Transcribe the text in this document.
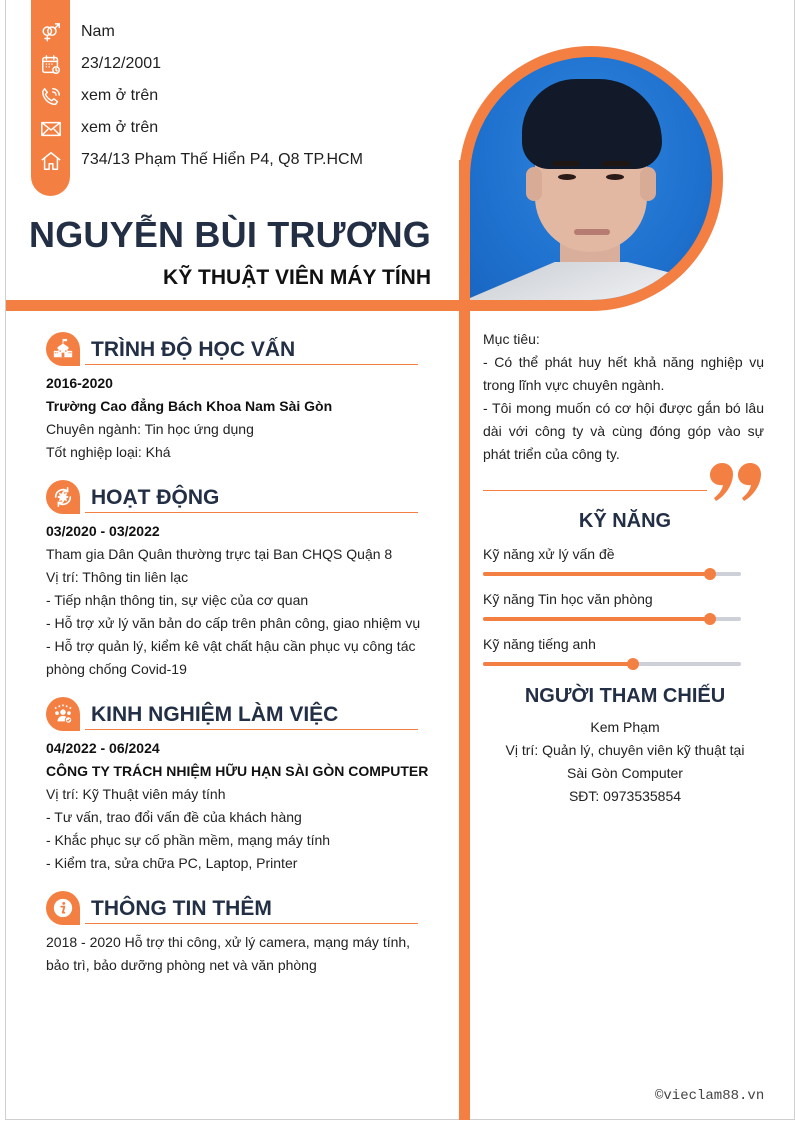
Nam
23/12/2001
xem ở trên
xem ở trên
734/13 Phạm Thế Hiển P4, Q8 TP.HCM
NGUYỄN BÙI TRƯƠNG
KỸ THUẬT VIÊN MÁY TÍNH
TRÌNH ĐỘ HỌC VẤN
2016-2020
Trường Cao đẳng Bách Khoa Nam Sài Gòn
Chuyên ngành: Tin học ứng dụng
Tốt nghiệp loại: Khá
HOẠT ĐỘNG
03/2020 - 03/2022
Tham gia Dân Quân thường trực tại Ban CHQS Quận 8
Vị trí: Thông tin liên lạc
- Tiếp nhận thông tin, sự việc của cơ quan
- Hỗ trợ xử lý văn bản do cấp trên phân công, giao nhiệm vụ
- Hỗ trợ quản lý, kiểm kê vật chất hậu cần phục vụ công tác
phòng chống Covid-19
KINH NGHIỆM LÀM VIỆC
04/2022 - 06/2024
CÔNG TY TRÁCH NHIỆM HỮU HẠN SÀI GÒN COMPUTER
Vị trí: Kỹ Thuật viên máy tính
- Tư vấn, trao đổi vấn đề của khách hàng
- Khắc phục sự cố phần mềm, mạng máy tính
- Kiểm tra, sửa chữa PC, Laptop, Printer
THÔNG TIN THÊM
2018 - 2020 Hỗ trợ thi công, xử lý camera, mạng máy tính,
bảo trì, bảo dưỡng phòng net và văn phòng

Mục tiêu:

- Có thể phát huy hết khả năng nghiệp vụ trong lĩnh vực chuyên ngành.

- Tôi mong muốn có cơ hội được gắn bó lâu dài với công ty và cùng đóng góp vào sự phát triển của công ty.

KỸ NĂNG
Kỹ năng xử lý vấn đề
Kỹ năng Tin học văn phòng
Kỹ năng tiếng anh
NGƯỜI THAM CHIẾU
Kem Phạm
Vị trí: Quản lý, chuyên viên kỹ thuật tại
Sài Gòn Computer
SĐT: 0973535854
©vieclam88.vn
